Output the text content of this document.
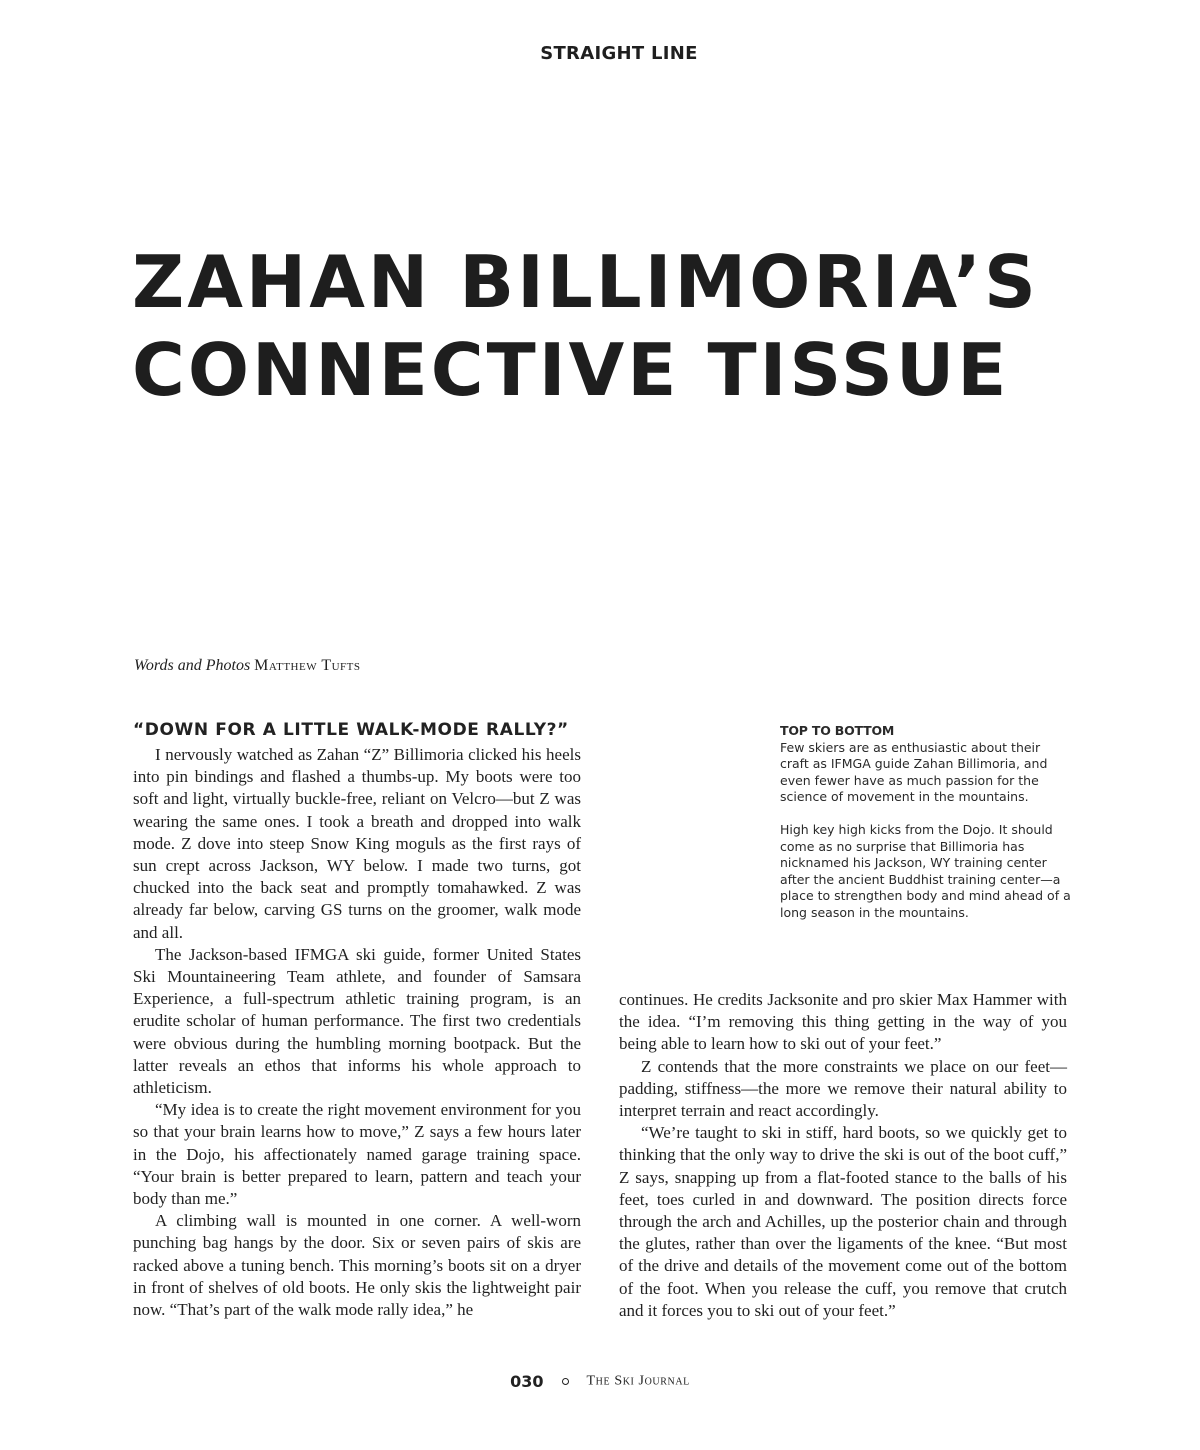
STRAIGHT LINE
ZAHAN BILLIMORIA’S
CONNECTIVE TISSUE
Words and Photos Matthew Tufts
“DOWN FOR A LITTLE WALK-MODE RALLY?”

I nervously watched as Zahan “Z” Billimoria clicked his heels into pin bindings and flashed a thumbs-up. My boots were too soft and light, virtually buckle-free, reliant on Velcro—but Z was wearing the same ones. I took a breath and dropped into walk mode. Z dove into steep Snow King moguls as the first rays of sun crept across Jackson, WY below. I made two turns, got chucked into the back seat and promptly tomahawked. Z was already far below, carving GS turns on the groomer, walk mode and all.

The Jackson-based IFMGA ski guide, former United States Ski Mountaineering Team athlete, and founder of Samsara Experience, a full-spectrum athletic training program, is an erudite scholar of human performance. The first two credentials were obvious during the humbling morning bootpack. But the latter reveals an ethos that informs his whole approach to athleticism.

“My idea is to create the right movement environment for you so that your brain learns how to move,” Z says a few hours later in the Dojo, his affectionately named garage training space. “Your brain is better prepared to learn, pattern and teach your body than me.”

A climbing wall is mounted in one corner. A well-worn punching bag hangs by the door. Six or seven pairs of skis are racked above a tuning bench. This morning’s boots sit on a dryer in front of shelves of old boots. He only skis the lightweight pair now. “That’s part of the walk mode rally idea,” he

TOP TO BOTTOM

Few skiers are as enthusiastic about their craft as IFMGA guide Zahan Billimoria, and even fewer have as much passion for the science of movement in the mountains.

High key high kicks from the Dojo. It should come as no surprise that Billimoria has nicknamed his Jackson, WY training center after the ancient Buddhist training center—a place to strengthen body and mind ahead of a long season in the mountains.

continues. He credits Jacksonite and pro skier Max Hammer with the idea. “I’m removing this thing getting in the way of you being able to learn how to ski out of your feet.”

Z contends that the more constraints we place on our feet—padding, stiffness—the more we remove their natural ability to interpret terrain and react accordingly.

“We’re taught to ski in stiff, hard boots, so we quickly get to thinking that the only way to drive the ski is out of the boot cuff,” Z says, snapping up from a flat-footed stance to the balls of his feet, toes curled in and downward. The position directs force through the arch and Achilles, up the posterior chain and through the glutes, rather than over the ligaments of the knee. “But most of the drive and details of the movement come out of the bottom of the foot. When you release the cuff, you remove that crutch and it forces you to ski out of your feet.”

030	The Ski Journal
